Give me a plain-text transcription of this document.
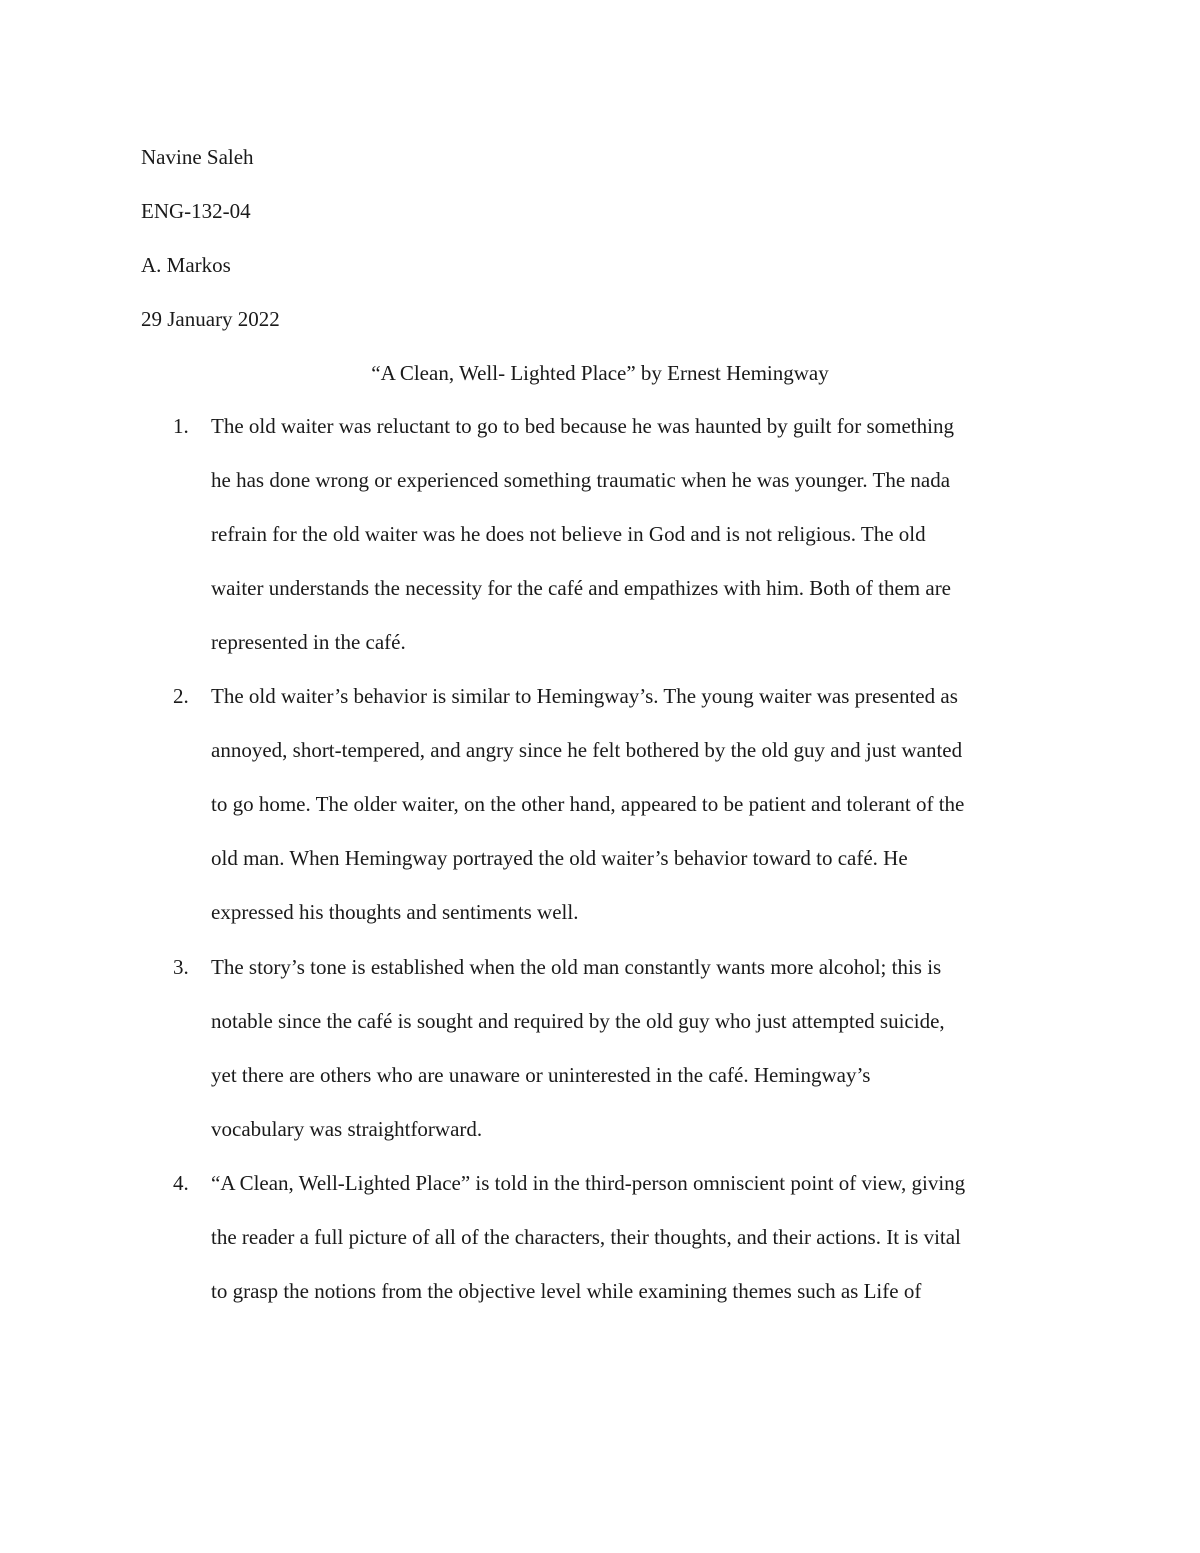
Navine Saleh
ENG-132-04
A. Markos
29 January 2022
“A Clean, Well- Lighted Place” by Ernest Hemingway
1. The old waiter was reluctant to go to bed because he was haunted by guilt for something
he has done wrong or experienced something traumatic when he was younger. The nada
refrain for the old waiter was he does not believe in God and is not religious. The old
waiter understands the necessity for the café and empathizes with him. Both of them are
represented in the café.
2. The old waiter’s behavior is similar to Hemingway’s. The young waiter was presented as
annoyed, short-tempered, and angry since he felt bothered by the old guy and just wanted
to go home. The older waiter, on the other hand, appeared to be patient and tolerant of the
old man. When Hemingway portrayed the old waiter’s behavior toward to café. He
expressed his thoughts and sentiments well.
3. The story’s tone is established when the old man constantly wants more alcohol; this is
notable since the café is sought and required by the old guy who just attempted suicide,
yet there are others who are unaware or uninterested in the café. Hemingway’s
vocabulary was straightforward.
4. “A Clean, Well-Lighted Place” is told in the third-person omniscient point of view, giving
the reader a full picture of all of the characters, their thoughts, and their actions. It is vital
to grasp the notions from the objective level while examining themes such as Life of
